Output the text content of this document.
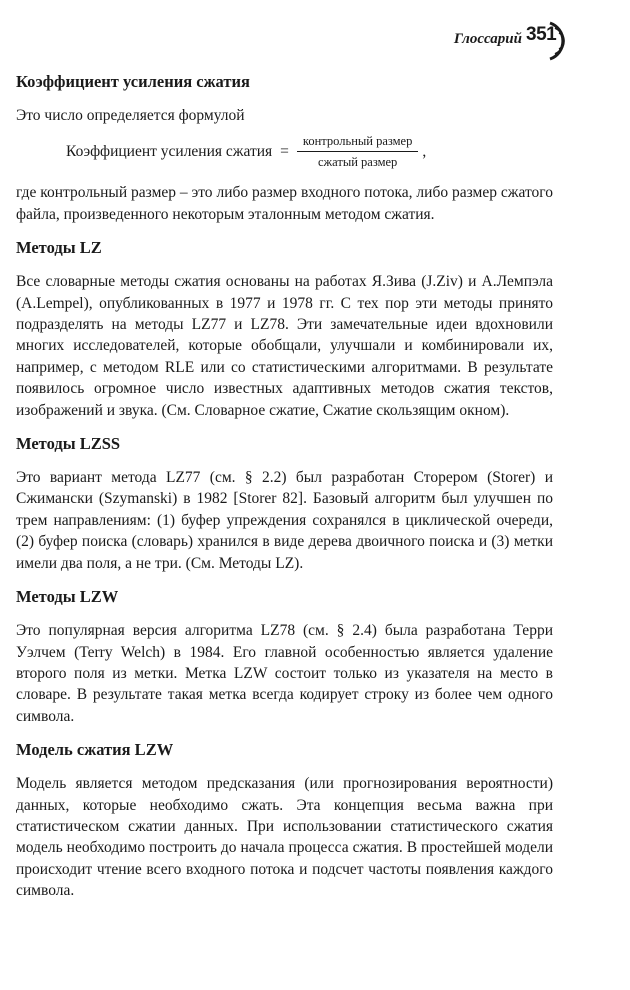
Глоссарий 351
Коэффициент усиления сжатия

Это число определяется формулой

Коэффициент усиления сжатия = $\frac{\text{контрольный размер}}{\text{сжатый размер}}$ ,

где контрольный размер – это либо размер входного потока, либо размер сжатого файла, произведенного некоторым эталонным методом сжатия.

Методы LZ

Все словарные методы сжатия основаны на работах Я.Зива (J.Ziv) и А.Лемпэла (A.Lempel), опубликованных в 1977 и 1978 гг. С тех пор эти методы принято подразделять на методы LZ77 и LZ78. Эти замечательные идеи вдохновили многих исследователей, которые обобщали, улучшали и комбинировали их, например, с методом RLE или со статистическими алгоритмами. В результате появилось огромное число известных адаптивных методов сжатия текстов, изображений и звука. (См. Словарное сжатие, Сжатие скользящим окном).

Методы LZSS

Это вариант метода LZ77 (см. § 2.2) был разработан Сторером (Storer) и Сжимански (Szymanski) в 1982 [Storer 82]. Базовый алгоритм был улучшен по трем направлениям: (1) буфер упреждения сохранялся в циклической очереди, (2) буфер поиска (словарь) хранился в виде дерева двоичного поиска и (3) метки имели два поля, а не три. (См. Методы LZ).

Методы LZW

Это популярная версия алгоритма LZ78 (см. § 2.4) была разработана Терри Уэлчем (Terry Welch) в 1984. Его главной особенностью является удаление второго поля из метки. Метка LZW состоит только из указателя на место в словаре. В результате такая метка всегда кодирует строку из более чем одного символа.

Модель сжатия LZW

Модель является методом предсказания (или прогнозирования вероятности) данных, которые необходимо сжать. Эта концепция весьма важна при статистическом сжатии данных. При использовании статистического сжатия модель необходимо построить до начала процесса сжатия. В простейшей модели происходит чтение всего входного потока и подсчет частоты появления каждого символа.
